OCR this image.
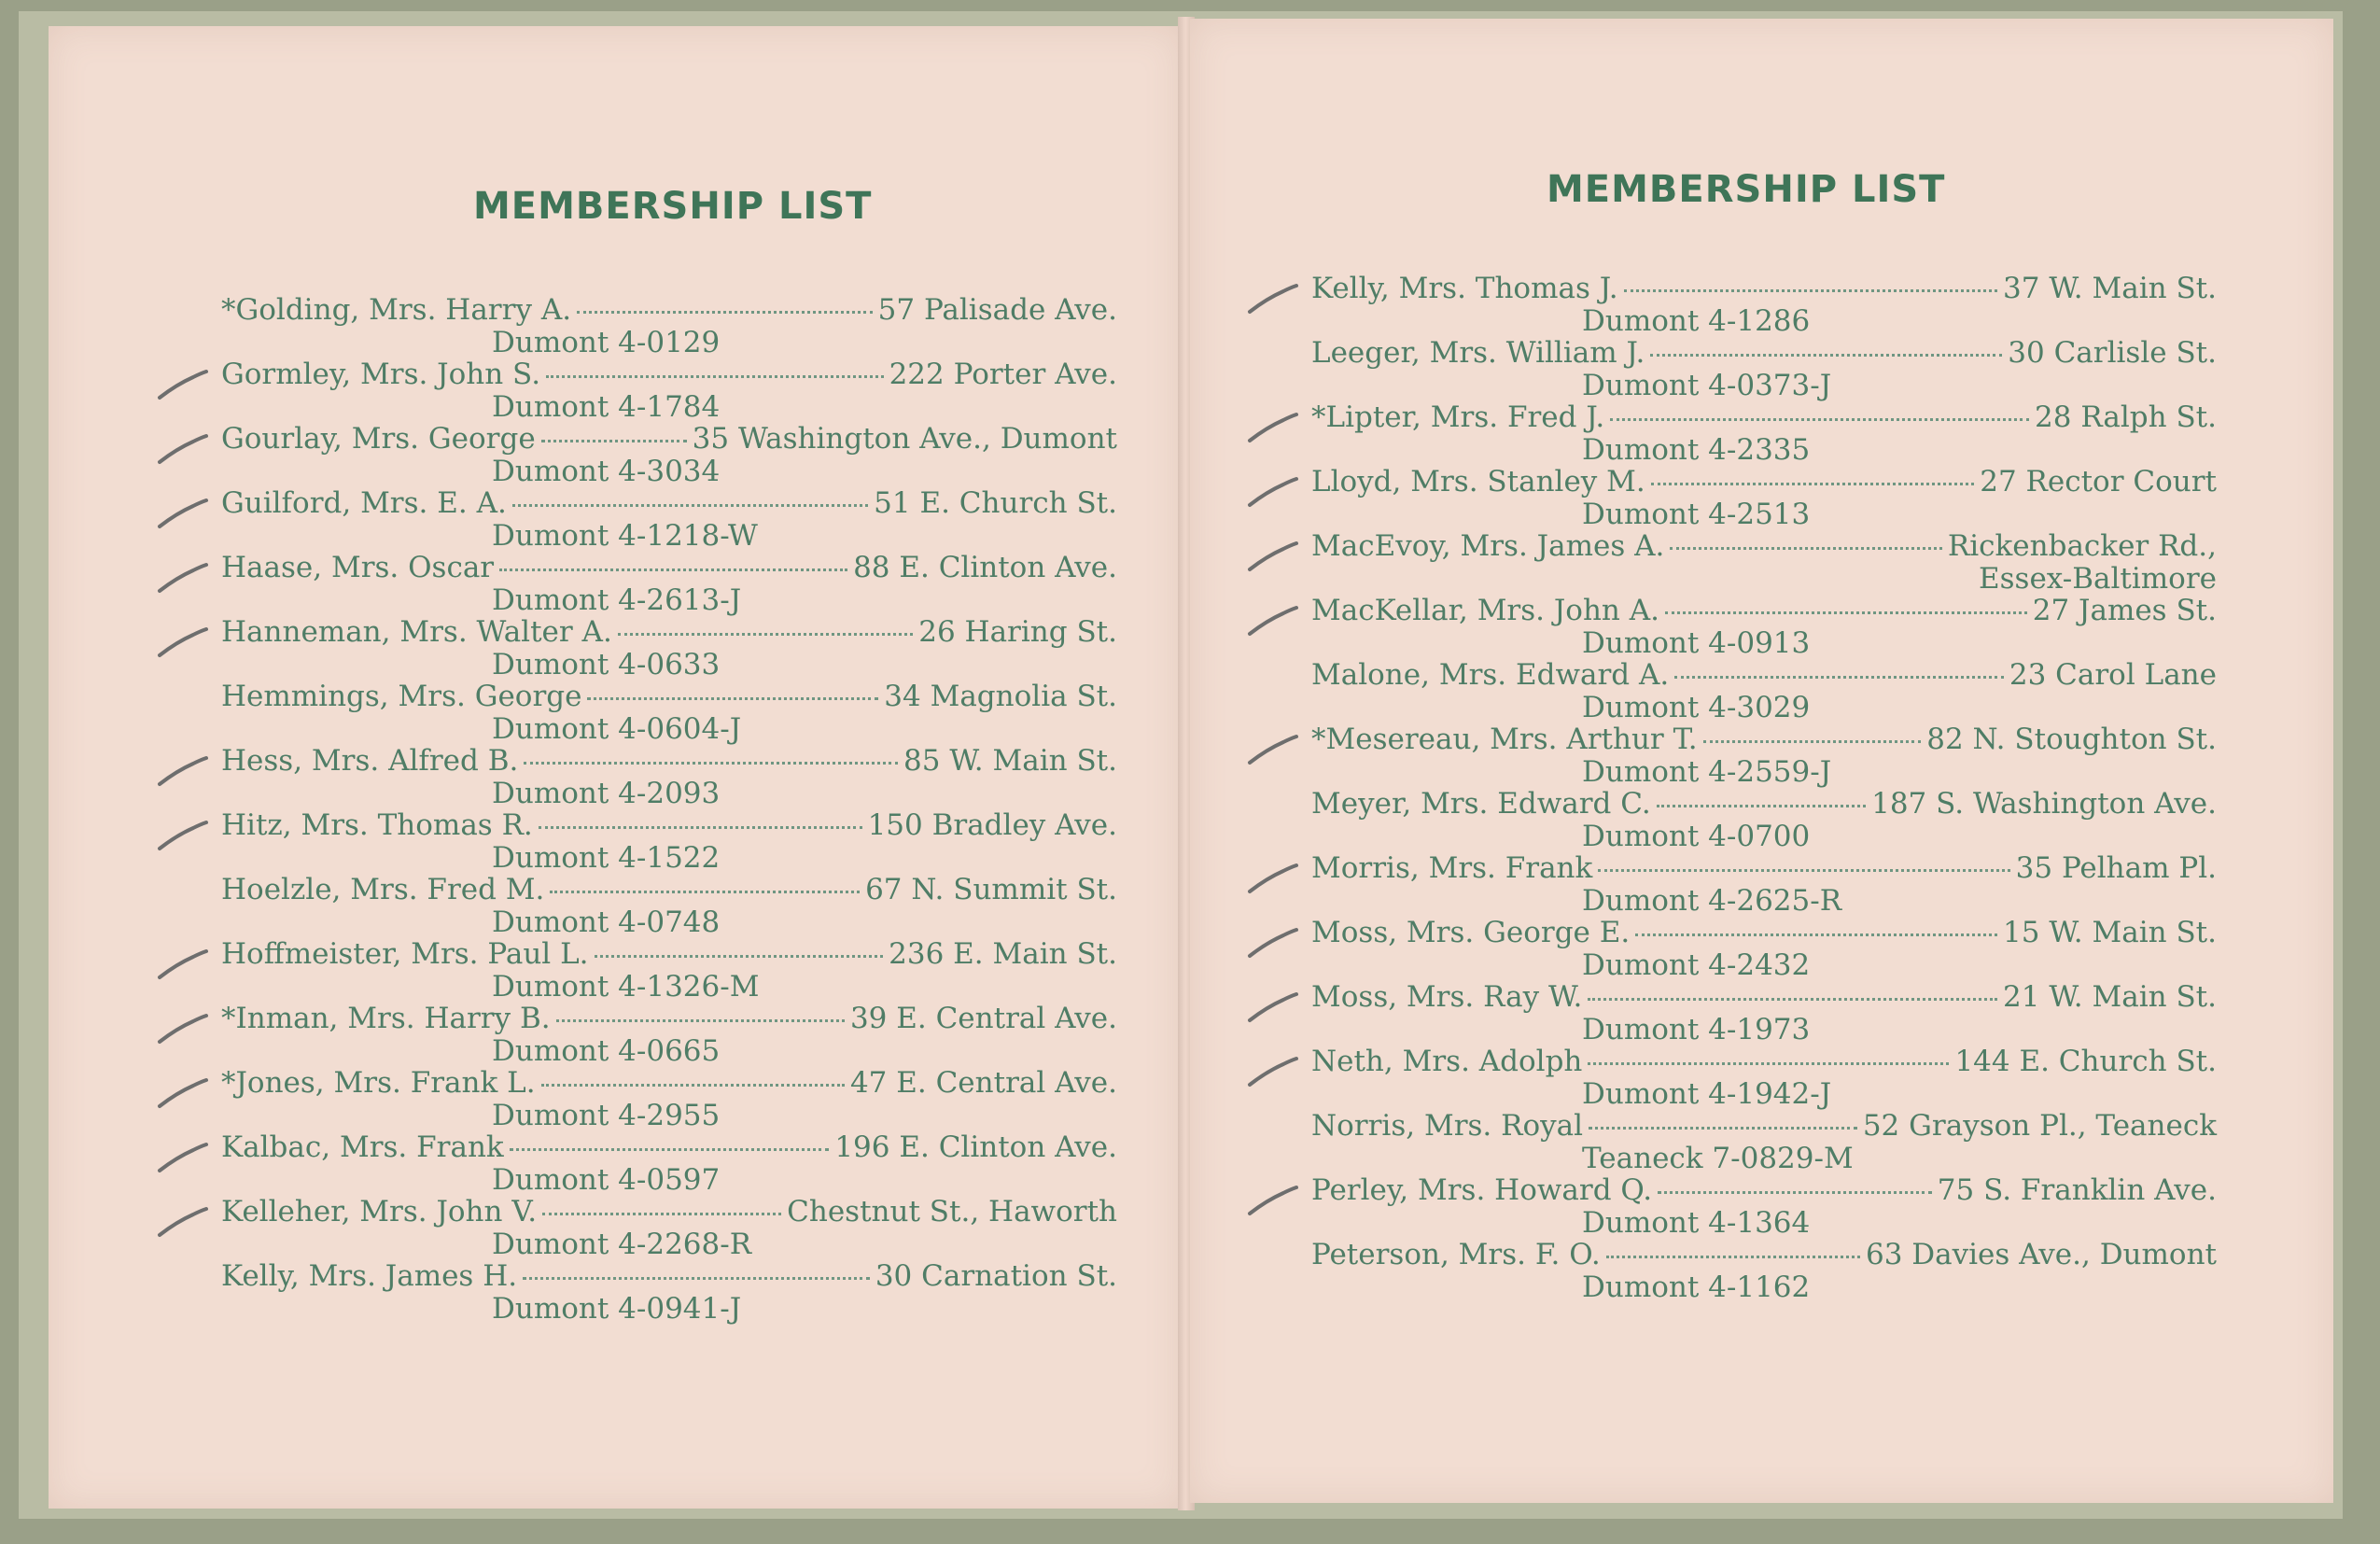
MEMBERSHIP LIST
*Golding, Mrs. Harry A.	57 Palisade Ave.
Dumont 4-0129
Gormley, Mrs. John S.	222 Porter Ave.
Dumont 4-1784
Gourlay, Mrs. George	35 Washington Ave., Dumont
Dumont 4-3034
Guilford, Mrs. E. A.	51 E. Church St.
Dumont 4-1218-W
Haase, Mrs. Oscar	88 E. Clinton Ave.
Dumont 4-2613-J
Hanneman, Mrs. Walter A.	26 Haring St.
Dumont 4-0633
Hemmings, Mrs. George	34 Magnolia St.
Dumont 4-0604-J
Hess, Mrs. Alfred B.	85 W. Main St.
Dumont 4-2093
Hitz, Mrs. Thomas R.	150 Bradley Ave.
Dumont 4-1522
Hoelzle, Mrs. Fred M.	67 N. Summit St.
Dumont 4-0748
Hoffmeister, Mrs. Paul L.	236 E. Main St.
Dumont 4-1326-M
*Inman, Mrs. Harry B.	39 E. Central Ave.
Dumont 4-0665
*Jones, Mrs. Frank L.	47 E. Central Ave.
Dumont 4-2955
Kalbac, Mrs. Frank	196 E. Clinton Ave.
Dumont 4-0597
Kelleher, Mrs. John V.	Chestnut St., Haworth
Dumont 4-2268-R
Kelly, Mrs. James H.	30 Carnation St.
Dumont 4-0941-J
MEMBERSHIP LIST
Kelly, Mrs. Thomas J.	37 W. Main St.
Dumont 4-1286
Leeger, Mrs. William J.	30 Carlisle St.
Dumont 4-0373-J
*Lipter, Mrs. Fred J.	28 Ralph St.
Dumont 4-2335
Lloyd, Mrs. Stanley M.	27 Rector Court
Dumont 4-2513
MacEvoy, Mrs. James A.	Rickenbacker Rd.,
Essex-Baltimore
MacKellar, Mrs. John A.	27 James St.
Dumont 4-0913
Malone, Mrs. Edward A.	23 Carol Lane
Dumont 4-3029
*Mesereau, Mrs. Arthur T.	82 N. Stoughton St.
Dumont 4-2559-J
Meyer, Mrs. Edward C.	187 S. Washington Ave.
Dumont 4-0700
Morris, Mrs. Frank	35 Pelham Pl.
Dumont 4-2625-R
Moss, Mrs. George E.	15 W. Main St.
Dumont 4-2432
Moss, Mrs. Ray W.	21 W. Main St.
Dumont 4-1973
Neth, Mrs. Adolph	144 E. Church St.
Dumont 4-1942-J
Norris, Mrs. Royal	52 Grayson Pl., Teaneck
Teaneck 7-0829-M
Perley, Mrs. Howard Q.	75 S. Franklin Ave.
Dumont 4-1364
Peterson, Mrs. F. O.	63 Davies Ave., Dumont
Dumont 4-1162
